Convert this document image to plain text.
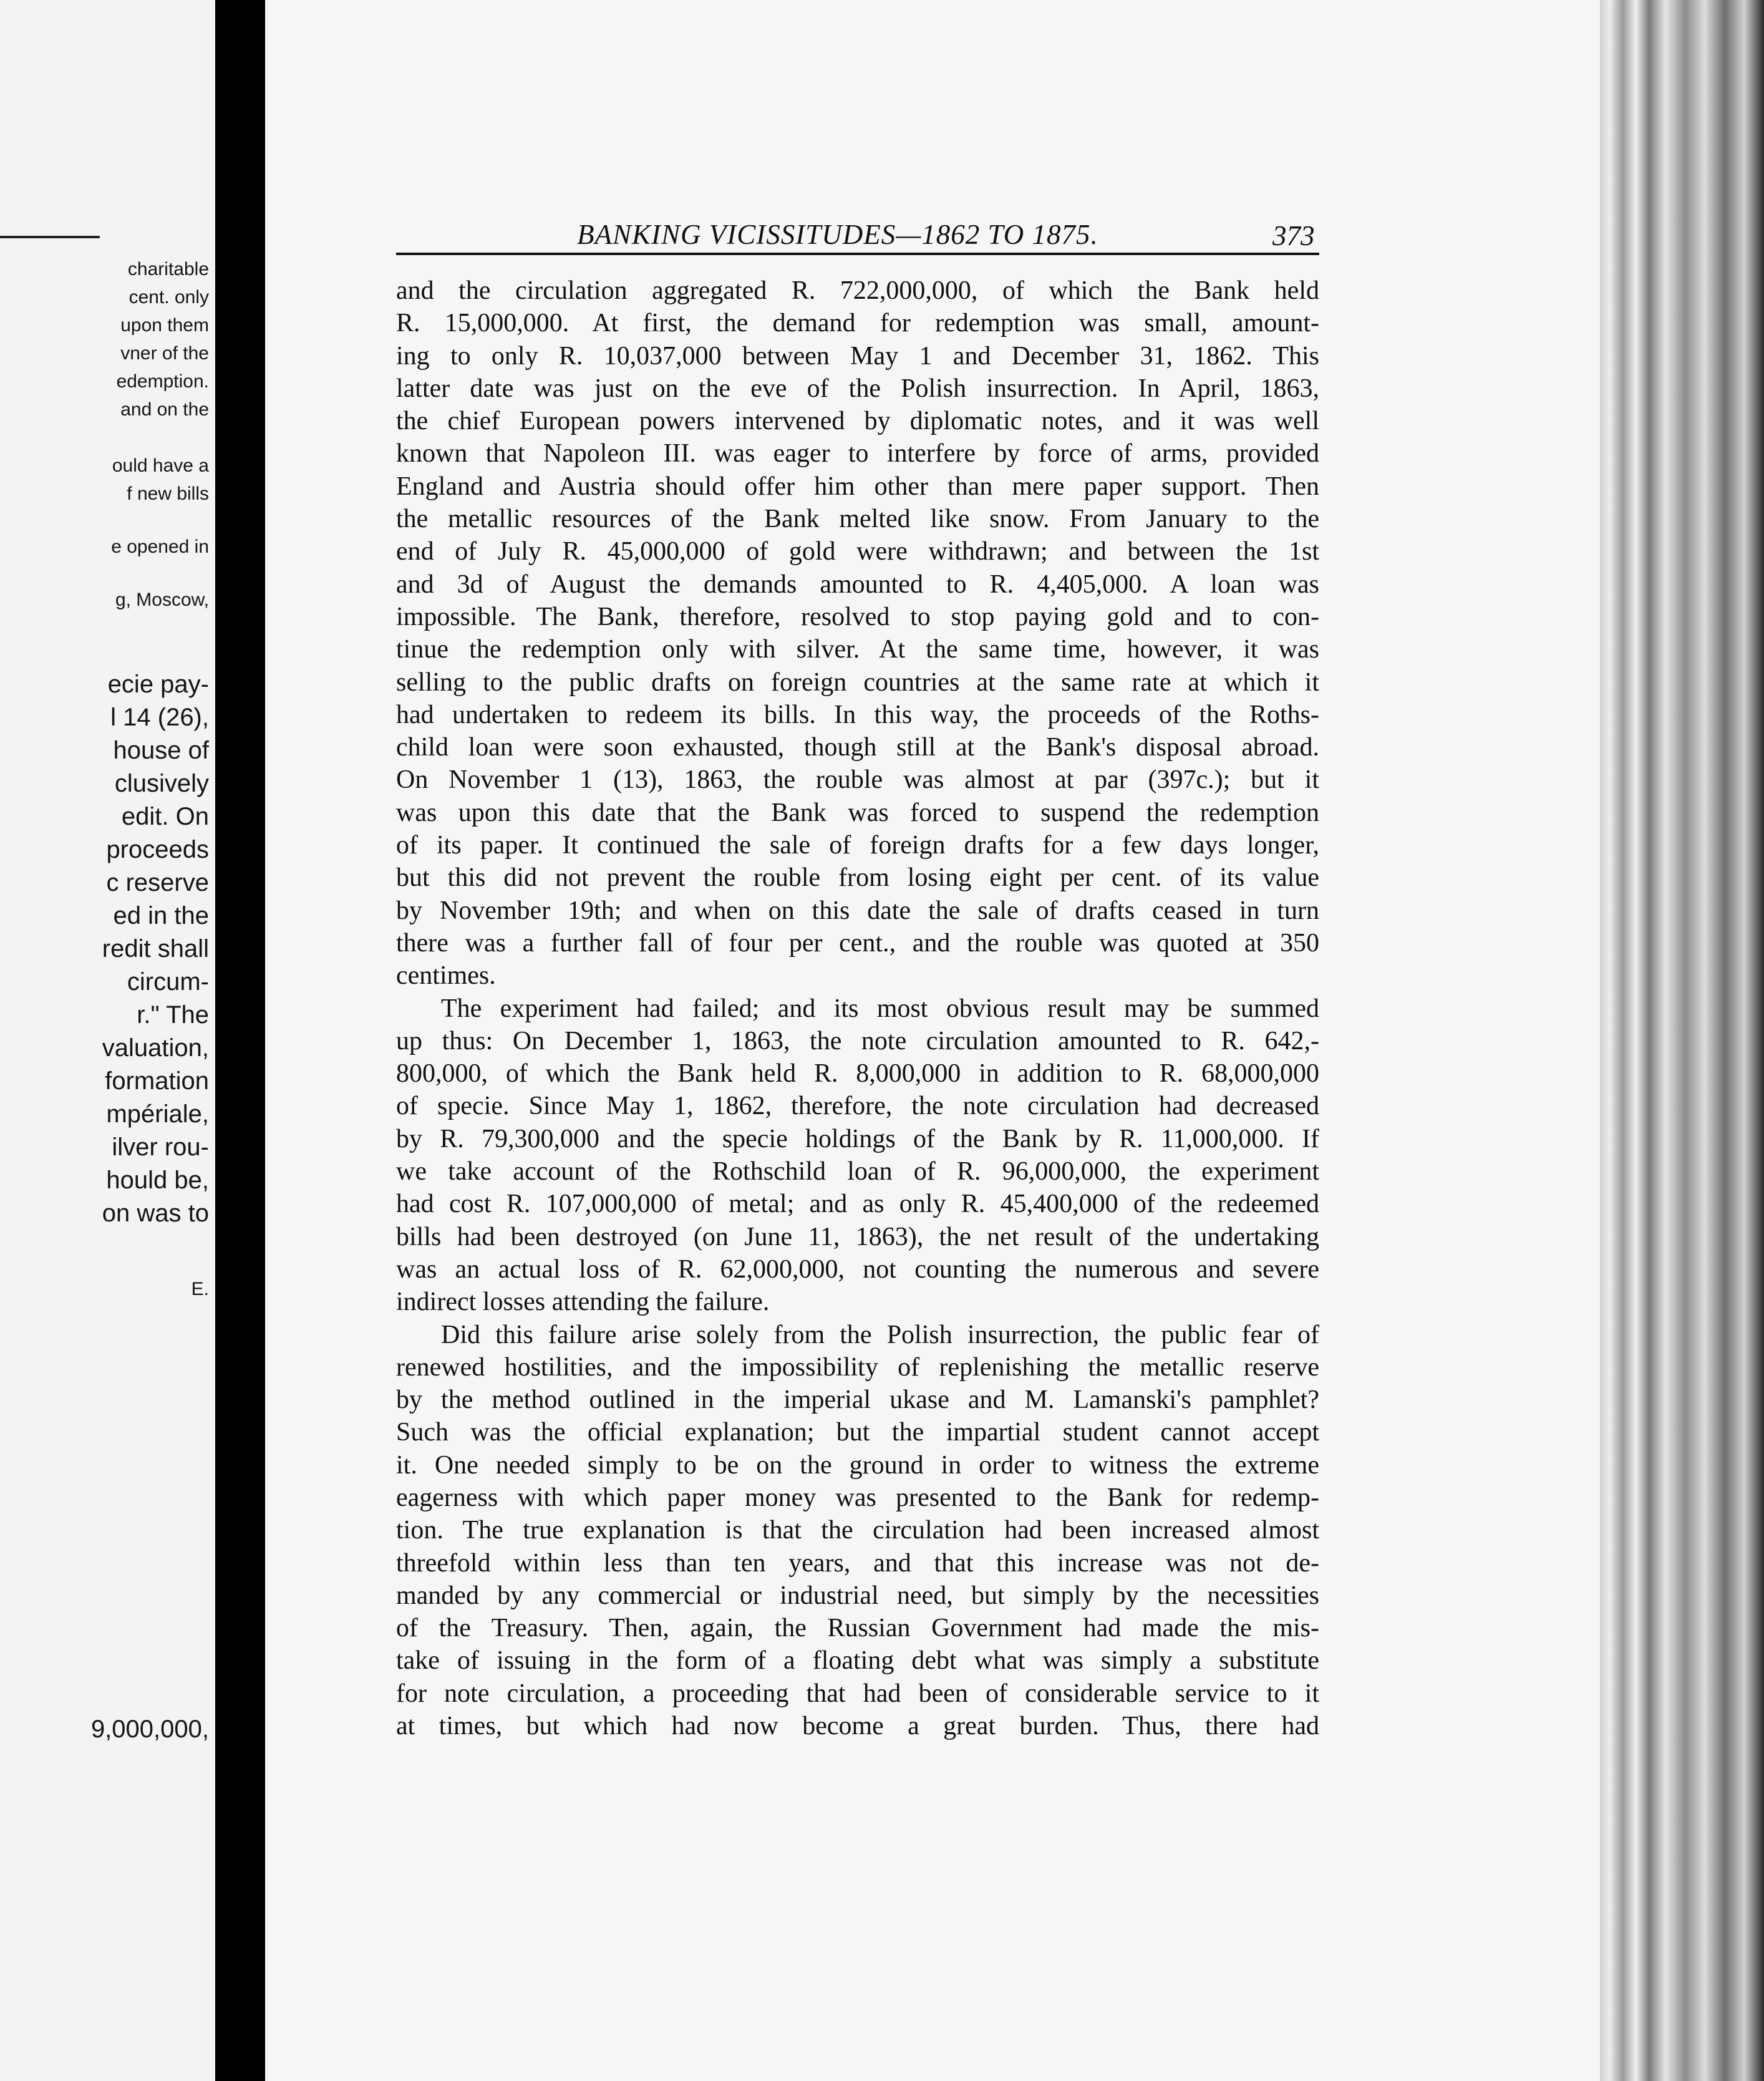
charitable
cent. only
upon them
vner of the
edemption.
and on the
ould have a
f new bills
e opened in
g, Moscow,
ecie pay-
l 14 (26),
house of
clusively
edit. On
proceeds
c reserve
ed in the
redit shall
circum-
r." The
valuation,
formation
mpériale,
ilver rou-
hould be,
on was to
E.
9,000,000,
BANKING VICISSITUDES—1862 TO 1875.	373
and the circulation aggregated R. 722,000,000, of which the Bank held
R. 15,000,000. At first, the demand for redemption was small, amount-
ing to only R. 10,037,000 between May 1 and December 31, 1862. This
latter date was just on the eve of the Polish insurrection. In April, 1863,
the chief European powers intervened by diplomatic notes, and it was well
known that Napoleon III. was eager to interfere by force of arms, provided
England and Austria should offer him other than mere paper support. Then
the metallic resources of the Bank melted like snow. From January to the
end of July R. 45,000,000 of gold were withdrawn; and between the 1st
and 3d of August the demands amounted to R. 4,405,000. A loan was
impossible. The Bank, therefore, resolved to stop paying gold and to con-
tinue the redemption only with silver. At the same time, however, it was
selling to the public drafts on foreign countries at the same rate at which it
had undertaken to redeem its bills. In this way, the proceeds of the Roths-
child loan were soon exhausted, though still at the Bank's disposal abroad.
On November 1 (13), 1863, the rouble was almost at par (397c.); but it
was upon this date that the Bank was forced to suspend the redemption
of its paper. It continued the sale of foreign drafts for a few days longer,
but this did not prevent the rouble from losing eight per cent. of its value
by November 19th; and when on this date the sale of drafts ceased in turn
there was a further fall of four per cent., and the rouble was quoted at 350
centimes.
The experiment had failed; and its most obvious result may be summed
up thus: On December 1, 1863, the note circulation amounted to R. 642,-
800,000, of which the Bank held R. 8,000,000 in addition to R. 68,000,000
of specie. Since May 1, 1862, therefore, the note circulation had decreased
by R. 79,300,000 and the specie holdings of the Bank by R. 11,000,000. If
we take account of the Rothschild loan of R. 96,000,000, the experiment
had cost R. 107,000,000 of metal; and as only R. 45,400,000 of the redeemed
bills had been destroyed (on June 11, 1863), the net result of the undertaking
was an actual loss of R. 62,000,000, not counting the numerous and severe
indirect losses attending the failure.
Did this failure arise solely from the Polish insurrection, the public fear of
renewed hostilities, and the impossibility of replenishing the metallic reserve
by the method outlined in the imperial ukase and M. Lamanski's pamphlet?
Such was the official explanation; but the impartial student cannot accept
it. One needed simply to be on the ground in order to witness the extreme
eagerness with which paper money was presented to the Bank for redemp-
tion. The true explanation is that the circulation had been increased almost
threefold within less than ten years, and that this increase was not de-
manded by any commercial or industrial need, but simply by the necessities
of the Treasury. Then, again, the Russian Government had made the mis-
take of issuing in the form of a floating debt what was simply a substitute
for note circulation, a proceeding that had been of considerable service to it
at times, but which had now become a great burden. Thus, there had
